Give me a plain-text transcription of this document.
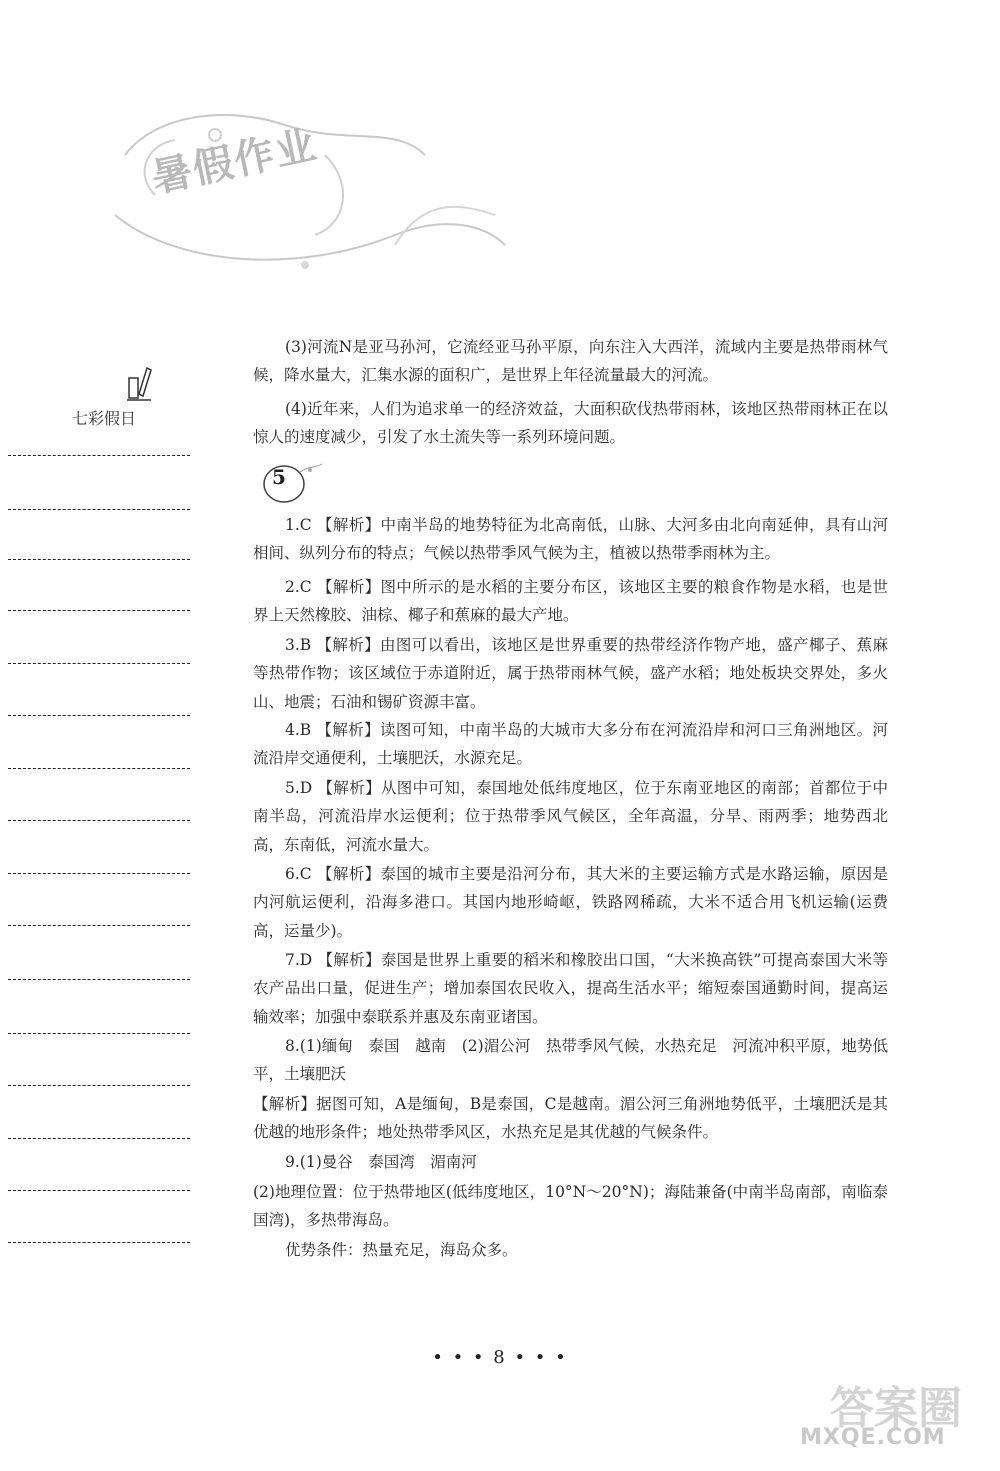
暑假作业
七彩假日
5

(3)河流N是亚马孙河，它流经亚马孙平原，向东注入大西洋，流域内主要是热带雨林气候，降水量大，汇集水源的面积广，是世界上年径流量最大的河流。

(4)近年来，人们为追求单一的经济效益，大面积砍伐热带雨林，该地区热带雨林正在以惊人的速度减少，引发了水土流失等一系列环境问题。

1.C 【解析】中南半岛的地势特征为北高南低，山脉、大河多由北向南延伸，具有山河相间、纵列分布的特点；气候以热带季风气候为主，植被以热带季雨林为主。

2.C 【解析】图中所示的是水稻的主要分布区，该地区主要的粮食作物是水稻，也是世界上天然橡胶、油棕、椰子和蕉麻的最大产地。

3.B 【解析】由图可以看出，该地区是世界重要的热带经济作物产地，盛产椰子、蕉麻等热带作物；该区域位于赤道附近，属于热带雨林气候，盛产水稻；地处板块交界处，多火山、地震；石油和锡矿资源丰富。

4.B 【解析】读图可知，中南半岛的大城市大多分布在河流沿岸和河口三角洲地区。河流沿岸交通便利，土壤肥沃，水源充足。

5.D 【解析】从图中可知，泰国地处低纬度地区，位于东南亚地区的南部；首都位于中南半岛，河流沿岸水运便利；位于热带季风气候区，全年高温，分旱、雨两季；地势西北高，东南低，河流水量大。

6.C 【解析】泰国的城市主要是沿河分布，其大米的主要运输方式是水路运输，原因是内河航运便利，沿海多港口。其国内地形崎岖，铁路网稀疏，大米不适合用飞机运输(运费高，运量少)。

7.D 【解析】泰国是世界上重要的稻米和橡胶出口国，“大米换高铁”可提高泰国大米等农产品出口量，促进生产；增加泰国农民收入，提高生活水平；缩短泰国通勤时间，提高运输效率；加强中泰联系并惠及东南亚诸国。

8.(1)缅甸　泰国　越南　(2)湄公河　热带季风气候，水热充足　河流冲积平原，地势低平，土壤肥沃

【解析】据图可知，A是缅甸，B是泰国，C是越南。湄公河三角洲地势低平，土壤肥沃是其优越的地形条件；地处热带季风区，水热充足是其优越的气候条件。

9.(1)曼谷　泰国湾　湄南河

(2)地理位置：位于热带地区(低纬度地区，10°N～20°N)；海陆兼备(中南半岛南部，南临泰国湾)，多热带海岛。

优势条件：热量充足，海岛众多。

• • • 8 • • •
答案圈
MXQE.COM
